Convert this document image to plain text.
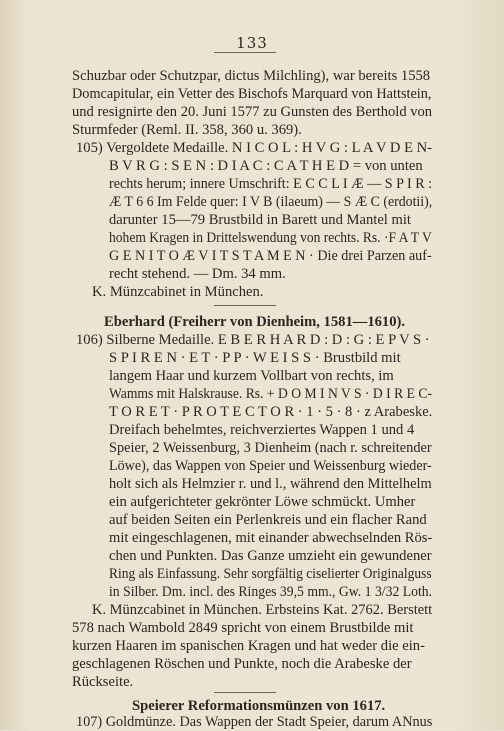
133
Schuzbar oder Schutzpar, dictus Milchling), war bereits 1558
Domcapitular, ein Vetter des Bischofs Marquard von Hattstein,
und resignirte den 20. Juni 1577 zu Gunsten des Berthold von
Sturmfeder (Reml. II. 358, 360 u. 369).
105) Vergoldete Medaille. N I C O L : H V G : L A V D E N-
B V R G : S E N : D I A C : C A T H E D = von unten
rechts herum; innere Umschrift: E C C L I Æ — S P I R :
Æ T 6 6 Im Felde quer: I V B (ilaeum) — S Æ C (erdotii),
darunter 15—79 Brustbild in Barett und Mantel mit
hohem Kragen in Drittelswendung von rechts. Rs. ·F A T V
G E N I T O Æ V I T S T A M E N · Die drei Parzen auf-
recht stehend. — Dm. 34 mm.
K. Münzcabinet in München.
Eberhard (Freiherr von Dienheim, 1581—1610).
106) Silberne Medaille. E B E R H A R D : D : G : E P V S ·
S P I R E N · E T · P P · W E I S S · Brustbild mit
langem Haar und kurzem Vollbart von rechts, im
Wamms mit Halskrause. Rs. + D O M I N V S · D I R E C-
T O R E T · P R O T E C T O R · 1 · 5 · 8 · z Arabeske.
Dreifach behelmtes, reichverziertes Wappen 1 und 4
Speier, 2 Weissenburg, 3 Dienheim (nach r. schreitender
Löwe), das Wappen von Speier und Weissenburg wieder-
holt sich als Helmzier r. und l., während den Mittelhelm
ein aufgerichteter gekrönter Löwe schmückt. Umher
auf beiden Seiten ein Perlenkreis und ein flacher Rand
mit eingeschlagenen, mit einander abwechselnden Rös-
chen und Punkten. Das Ganze umzieht ein gewundener
Ring als Einfassung. Sehr sorgfältig ciselierter Originalguss
in Silber. Dm. incl. des Ringes 39,5 mm., Gw. 1 3/32 Loth.
K. Münzcabinet in München. Erbsteins Kat. 2762. Berstett
578 nach Wambold 2849 spricht von einem Brustbilde mit
kurzen Haaren im spanischen Kragen und hat weder die ein-
geschlagenen Röschen und Punkte, noch die Arabeske der
Rückseite.
Speierer Reformationsmünzen von 1617.
107) Goldmünze. Das Wappen der Stadt Speier, darum ANnus
